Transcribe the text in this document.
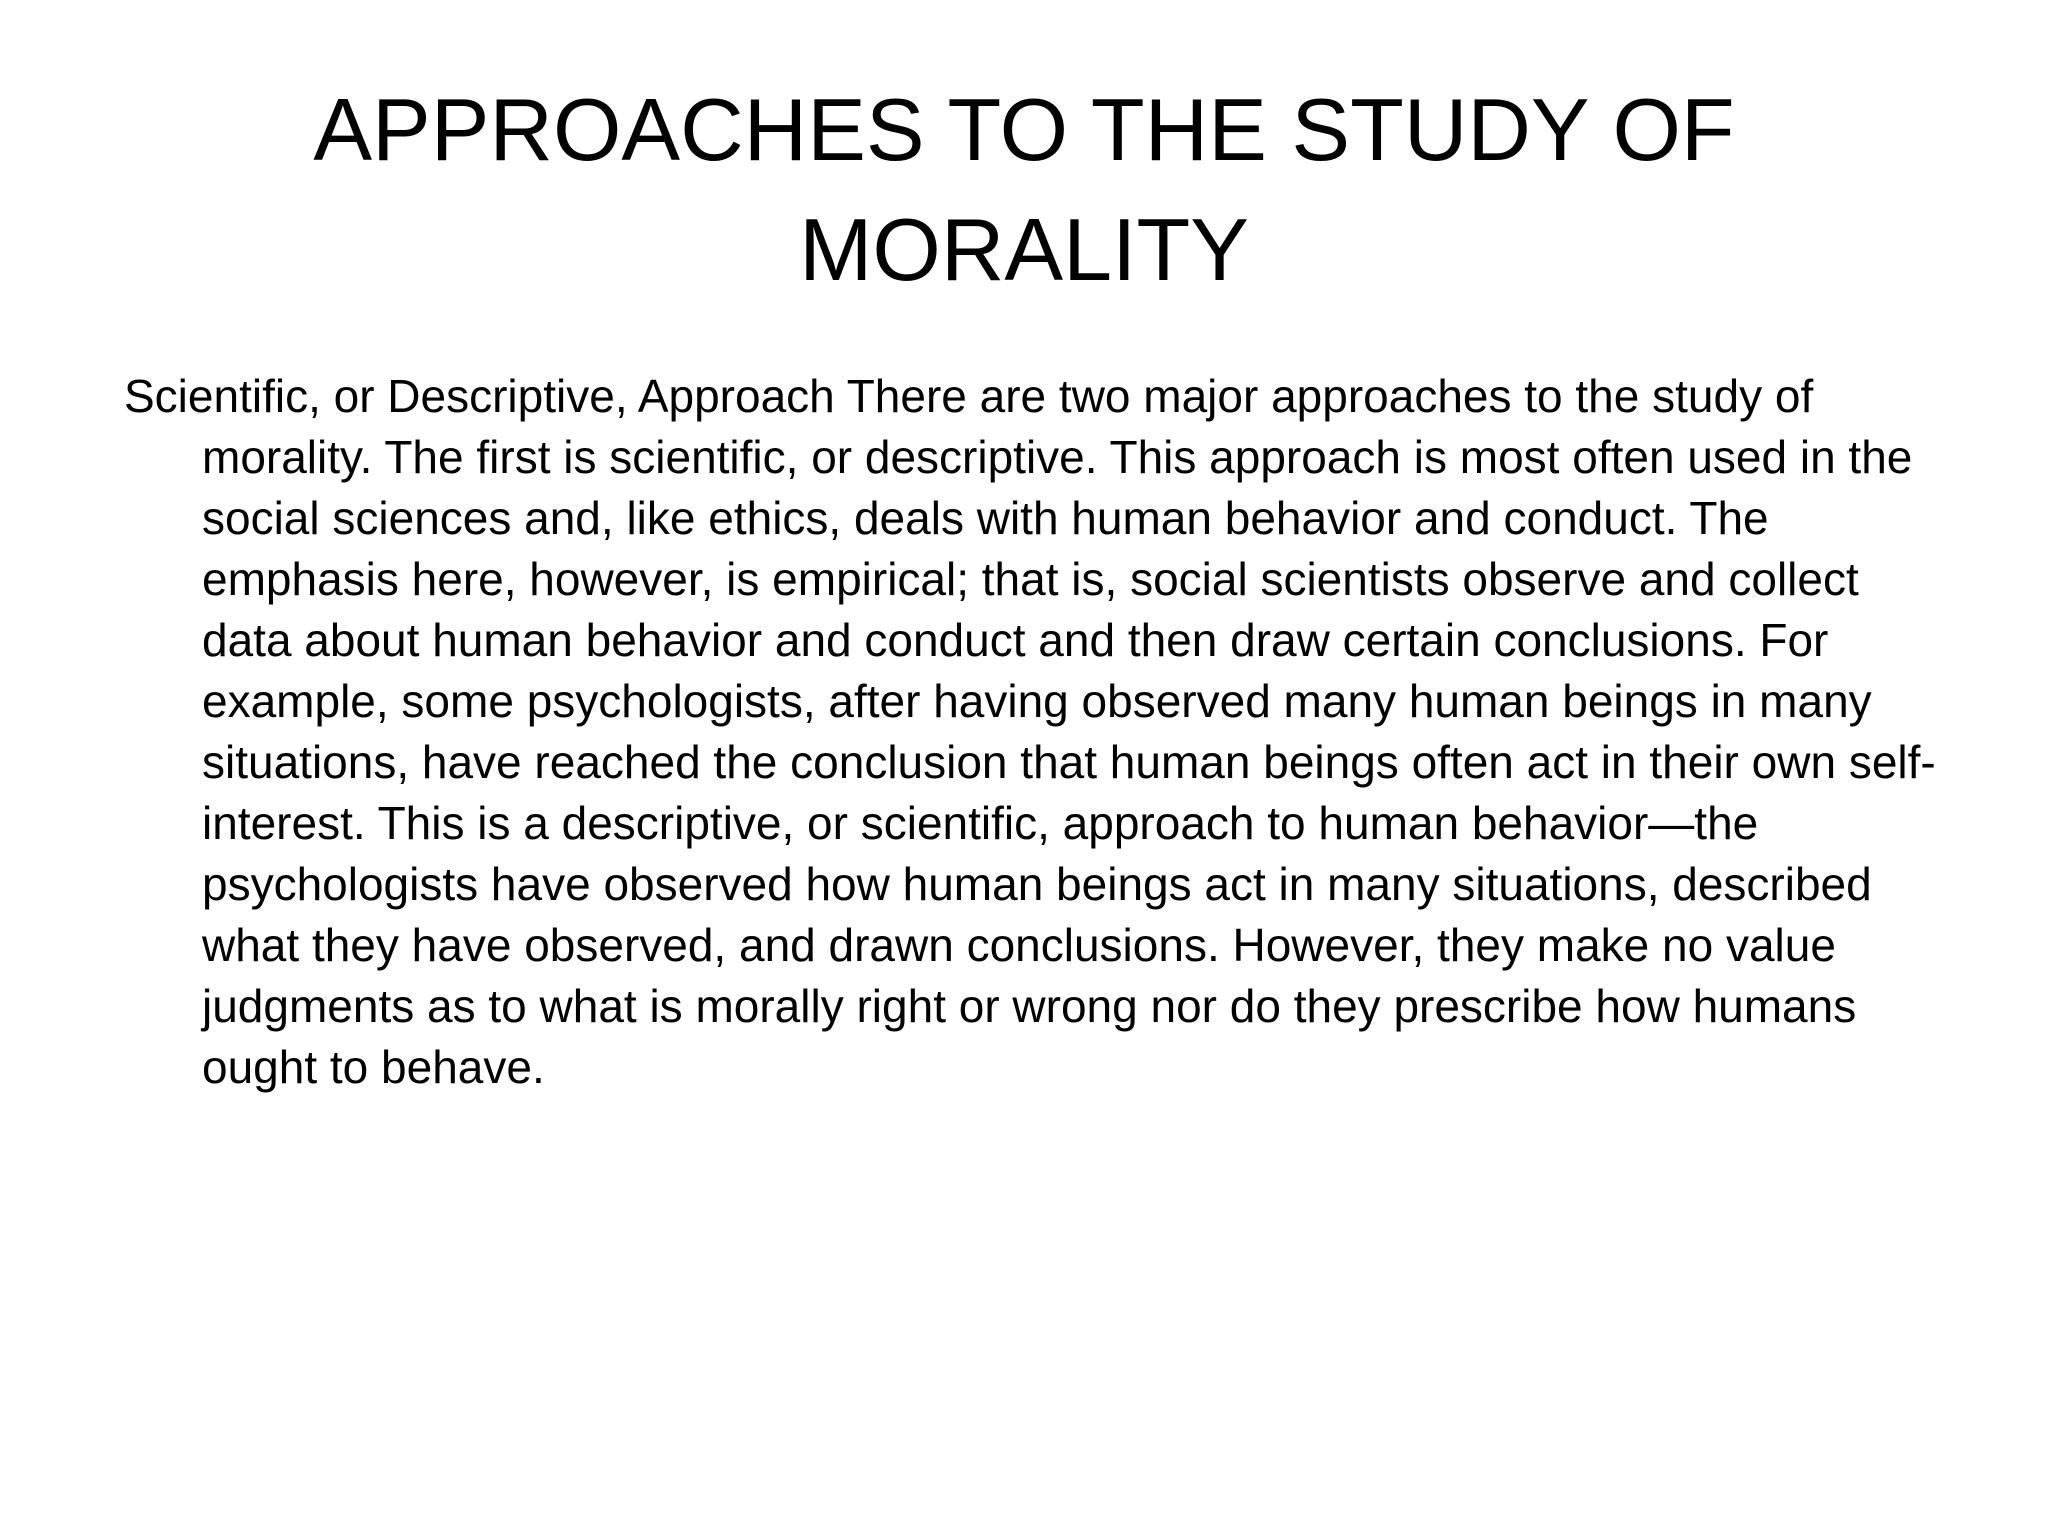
APPROACHES TO THE STUDY OF
MORALITY

Scientific, or Descriptive, Approach There are two major approaches to the study of morality. The first is scientific, or descriptive. This approach is most often used in the social sciences and, like ethics, deals with human behavior and conduct. The emphasis here, however, is empirical; that is, social scientists observe and collect data about human behavior and conduct and then draw certain conclusions. For example, some psychologists, after having observed many human beings in many situations, have reached the conclusion that human beings often act in their own self-interest. This is a descriptive, or scientific, approach to human behavior—the psychologists have observed how human beings act in many situations, described what they have observed, and drawn conclusions. However, they make no value judgments as to what is morally right or wrong nor do they prescribe how humans ought to behave.
